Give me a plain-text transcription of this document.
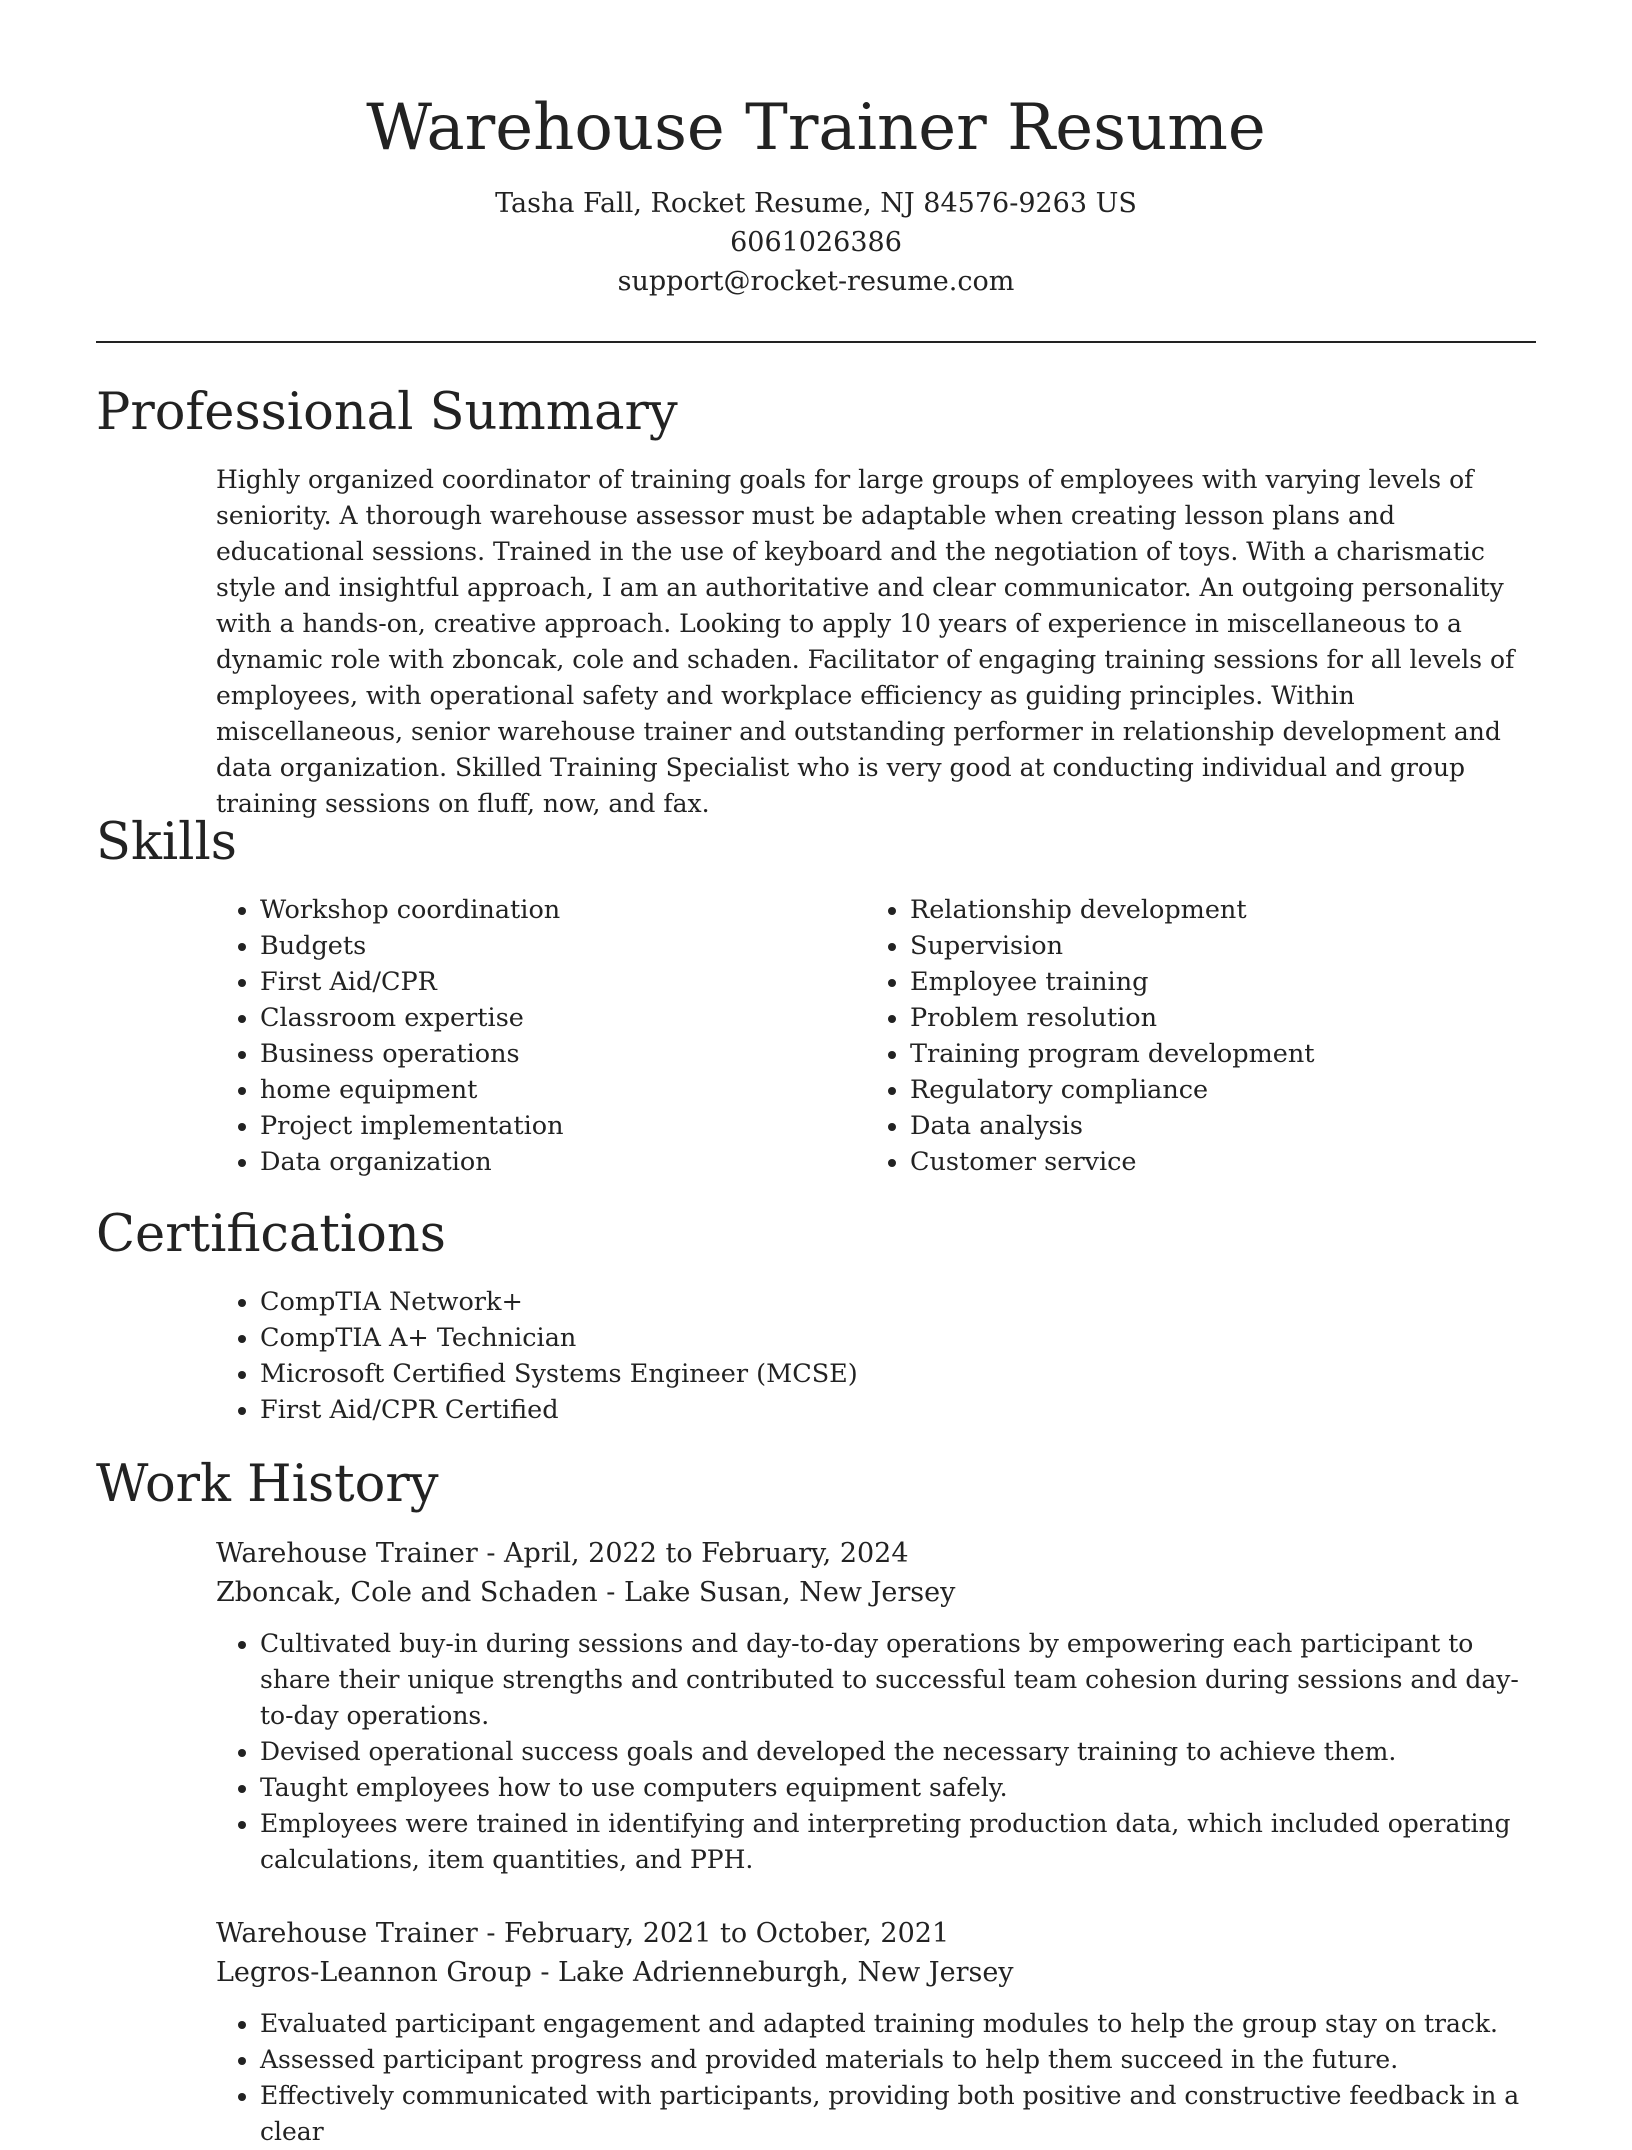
Warehouse Trainer Resume
Tasha Fall, Rocket Resume, NJ 84576-9263 US
6061026386
support@rocket-resume.com
Professional Summary

Highly organized coordinator of training goals for large groups of employees with varying levels of seniority. A thorough warehouse assessor must be adaptable when creating lesson plans and educational sessions. Trained in the use of keyboard and the negotiation of toys. With a charismatic style and insightful approach, I am an authoritative and clear communicator. An outgoing personality with a hands-on, creative approach. Looking to apply 10 years of experience in miscellaneous to a dynamic role with zboncak, cole and schaden. Facilitator of engaging training sessions for all levels of employees, with operational safety and workplace efficiency as guiding principles. Within miscellaneous, senior warehouse trainer and outstanding performer in relationship development and data organization. Skilled Training Specialist who is very good at conducting individual and group training sessions on fluff, now, and fax.

Skills
• Workshop coordination
• Budgets
• First Aid/CPR
• Classroom expertise
• Business operations
• home equipment
• Project implementation
• Data organization
• Relationship development
• Supervision
• Employee training
• Problem resolution
• Training program development
• Regulatory compliance
• Data analysis
• Customer service
Certifications
• CompTIA Network+
• CompTIA A+ Technician
• Microsoft Certified Systems Engineer (MCSE)
• First Aid/CPR Certified
Work History
Warehouse Trainer - April, 2022 to February, 2024
Zboncak, Cole and Schaden - Lake Susan, New Jersey
• Cultivated buy-in during sessions and day-to-day operations by empowering each participant to share their unique strengths and contributed to successful team cohesion during sessions and day-to-day operations.
• Devised operational success goals and developed the necessary training to achieve them.
• Taught employees how to use computers equipment safely.
• Employees were trained in identifying and interpreting production data, which included operating calculations, item quantities, and PPH.
Warehouse Trainer - February, 2021 to October, 2021
Legros-Leannon Group - Lake Adrienneburgh, New Jersey
• Evaluated participant engagement and adapted training modules to help the group stay on track.
• Assessed participant progress and provided materials to help them succeed in the future.
• Effectively communicated with participants, providing both positive and constructive feedback in a clear
